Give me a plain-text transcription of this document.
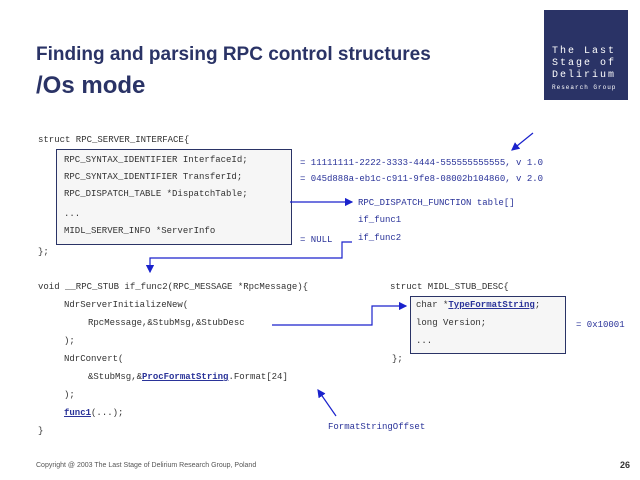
Finding and parsing RPC control structures
/Os mode
The Last
Stage of
Delirium
Research Group
struct RPC_SERVER_INTERFACE{
RPC_SYNTAX_IDENTIFIER InterfaceId;
RPC_SYNTAX_IDENTIFIER TransferId;
RPC_DISPATCH_TABLE *DispatchTable;
...
MIDL_SERVER_INFO *ServerInfo
};
= 11111111-2222-3333-4444-555555555555, v 1.0
= 045d888a-eb1c-c911-9fe8-08002b104860, v 2.0
= NULL
RPC_DISPATCH_FUNCTION table[]
if_func1
if_func2
void __RPC_STUB if_func2(RPC_MESSAGE *RpcMessage){
NdrServerInitializeNew(
RpcMessage,&StubMsg,&StubDesc
);
NdrConvert(
&StubMsg,&ProcFormatString.Format[24]
);
func1(...);
}
struct MIDL_STUB_DESC{
char *TypeFormatString;
long Version;
...
};
= 0x10001
FormatStringOffset
Copyright @ 2003 The Last Stage of Delirium Research Group, Poland	26
